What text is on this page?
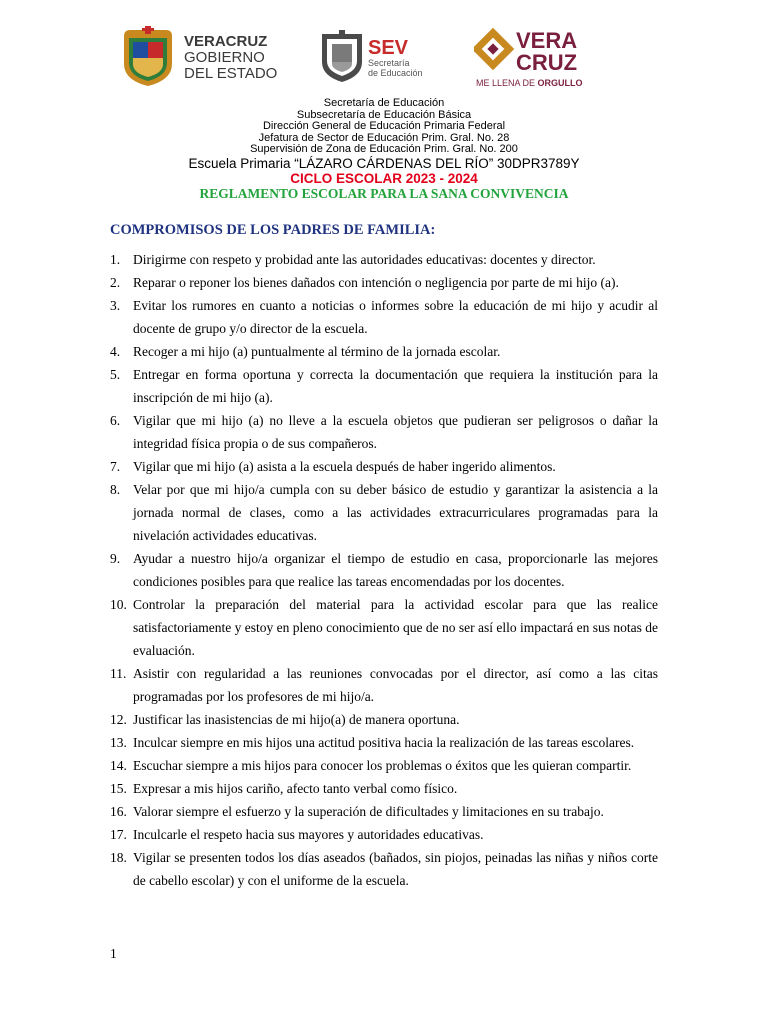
VERACRUZ
GOBIERNO
DEL ESTADO
SEV
Secretaría
de Educación
VERA
CRUZ
ME LLENA DE ORGULLO
Secretaría de Educación
Subsecretaría de Educación Básica
Dirección General de Educación Primaria Federal
Jefatura de Sector de Educación Prim. Gral. No. 28
Supervisión de Zona de Educación Prim. Gral. No. 200
Escuela Primaria “LÁZARO CÁRDENAS DEL RÍO” 30DPR3789Y
CICLO ESCOLAR 2023 - 2024
REGLAMENTO ESCOLAR PARA LA SANA CONVIVENCIA
COMPROMISOS DE LOS PADRES DE FAMILIA:
1. Dirigirme con respeto y probidad ante las autoridades educativas: docentes y director.
2. Reparar o reponer los bienes dañados con intención o negligencia por parte de mi hijo (a).
3. Evitar los rumores en cuanto a noticias o informes sobre la educación de mi hijo y acudir al docente de grupo y/o director de la escuela.
4. Recoger a mi hijo (a) puntualmente al término de la jornada escolar.
5. Entregar en forma oportuna y correcta la documentación que requiera la institución para la inscripción de mi hijo (a).
6. Vigilar que mi hijo (a) no lleve a la escuela objetos que pudieran ser peligrosos o dañar la integridad física propia o de sus compañeros.
7. Vigilar que mi hijo (a) asista a la escuela después de haber ingerido alimentos.
8. Velar por que mi hijo/a cumpla con su deber básico de estudio y garantizar la asistencia a la jornada normal de clases, como a las actividades extracurriculares programadas para la nivelación actividades educativas.
9. Ayudar a nuestro hijo/a organizar el tiempo de estudio en casa, proporcionarle las mejores condiciones posibles para que realice las tareas encomendadas por los docentes.
10. Controlar la preparación del material para la actividad escolar para que las realice satisfactoriamente y estoy en pleno conocimiento que de no ser así ello impactará en sus notas de evaluación.
11. Asistir con regularidad a las reuniones convocadas por el director, así como a las citas programadas por los profesores de mi hijo/a.
12. Justificar las inasistencias de mi hijo(a) de manera oportuna.
13. Inculcar siempre en mis hijos una actitud positiva hacia la realización de las tareas escolares.
14. Escuchar siempre a mis hijos para conocer los problemas o éxitos que les quieran compartir.
15. Expresar a mis hijos cariño, afecto tanto verbal como físico.
16. Valorar siempre el esfuerzo y la superación de dificultades y limitaciones en su trabajo.
17. Inculcarle el respeto hacia sus mayores y autoridades educativas.
18. Vigilar se presenten todos los días aseados (bañados, sin piojos, peinadas las niñas y niños corte de cabello escolar) y con el uniforme de la escuela.
1
